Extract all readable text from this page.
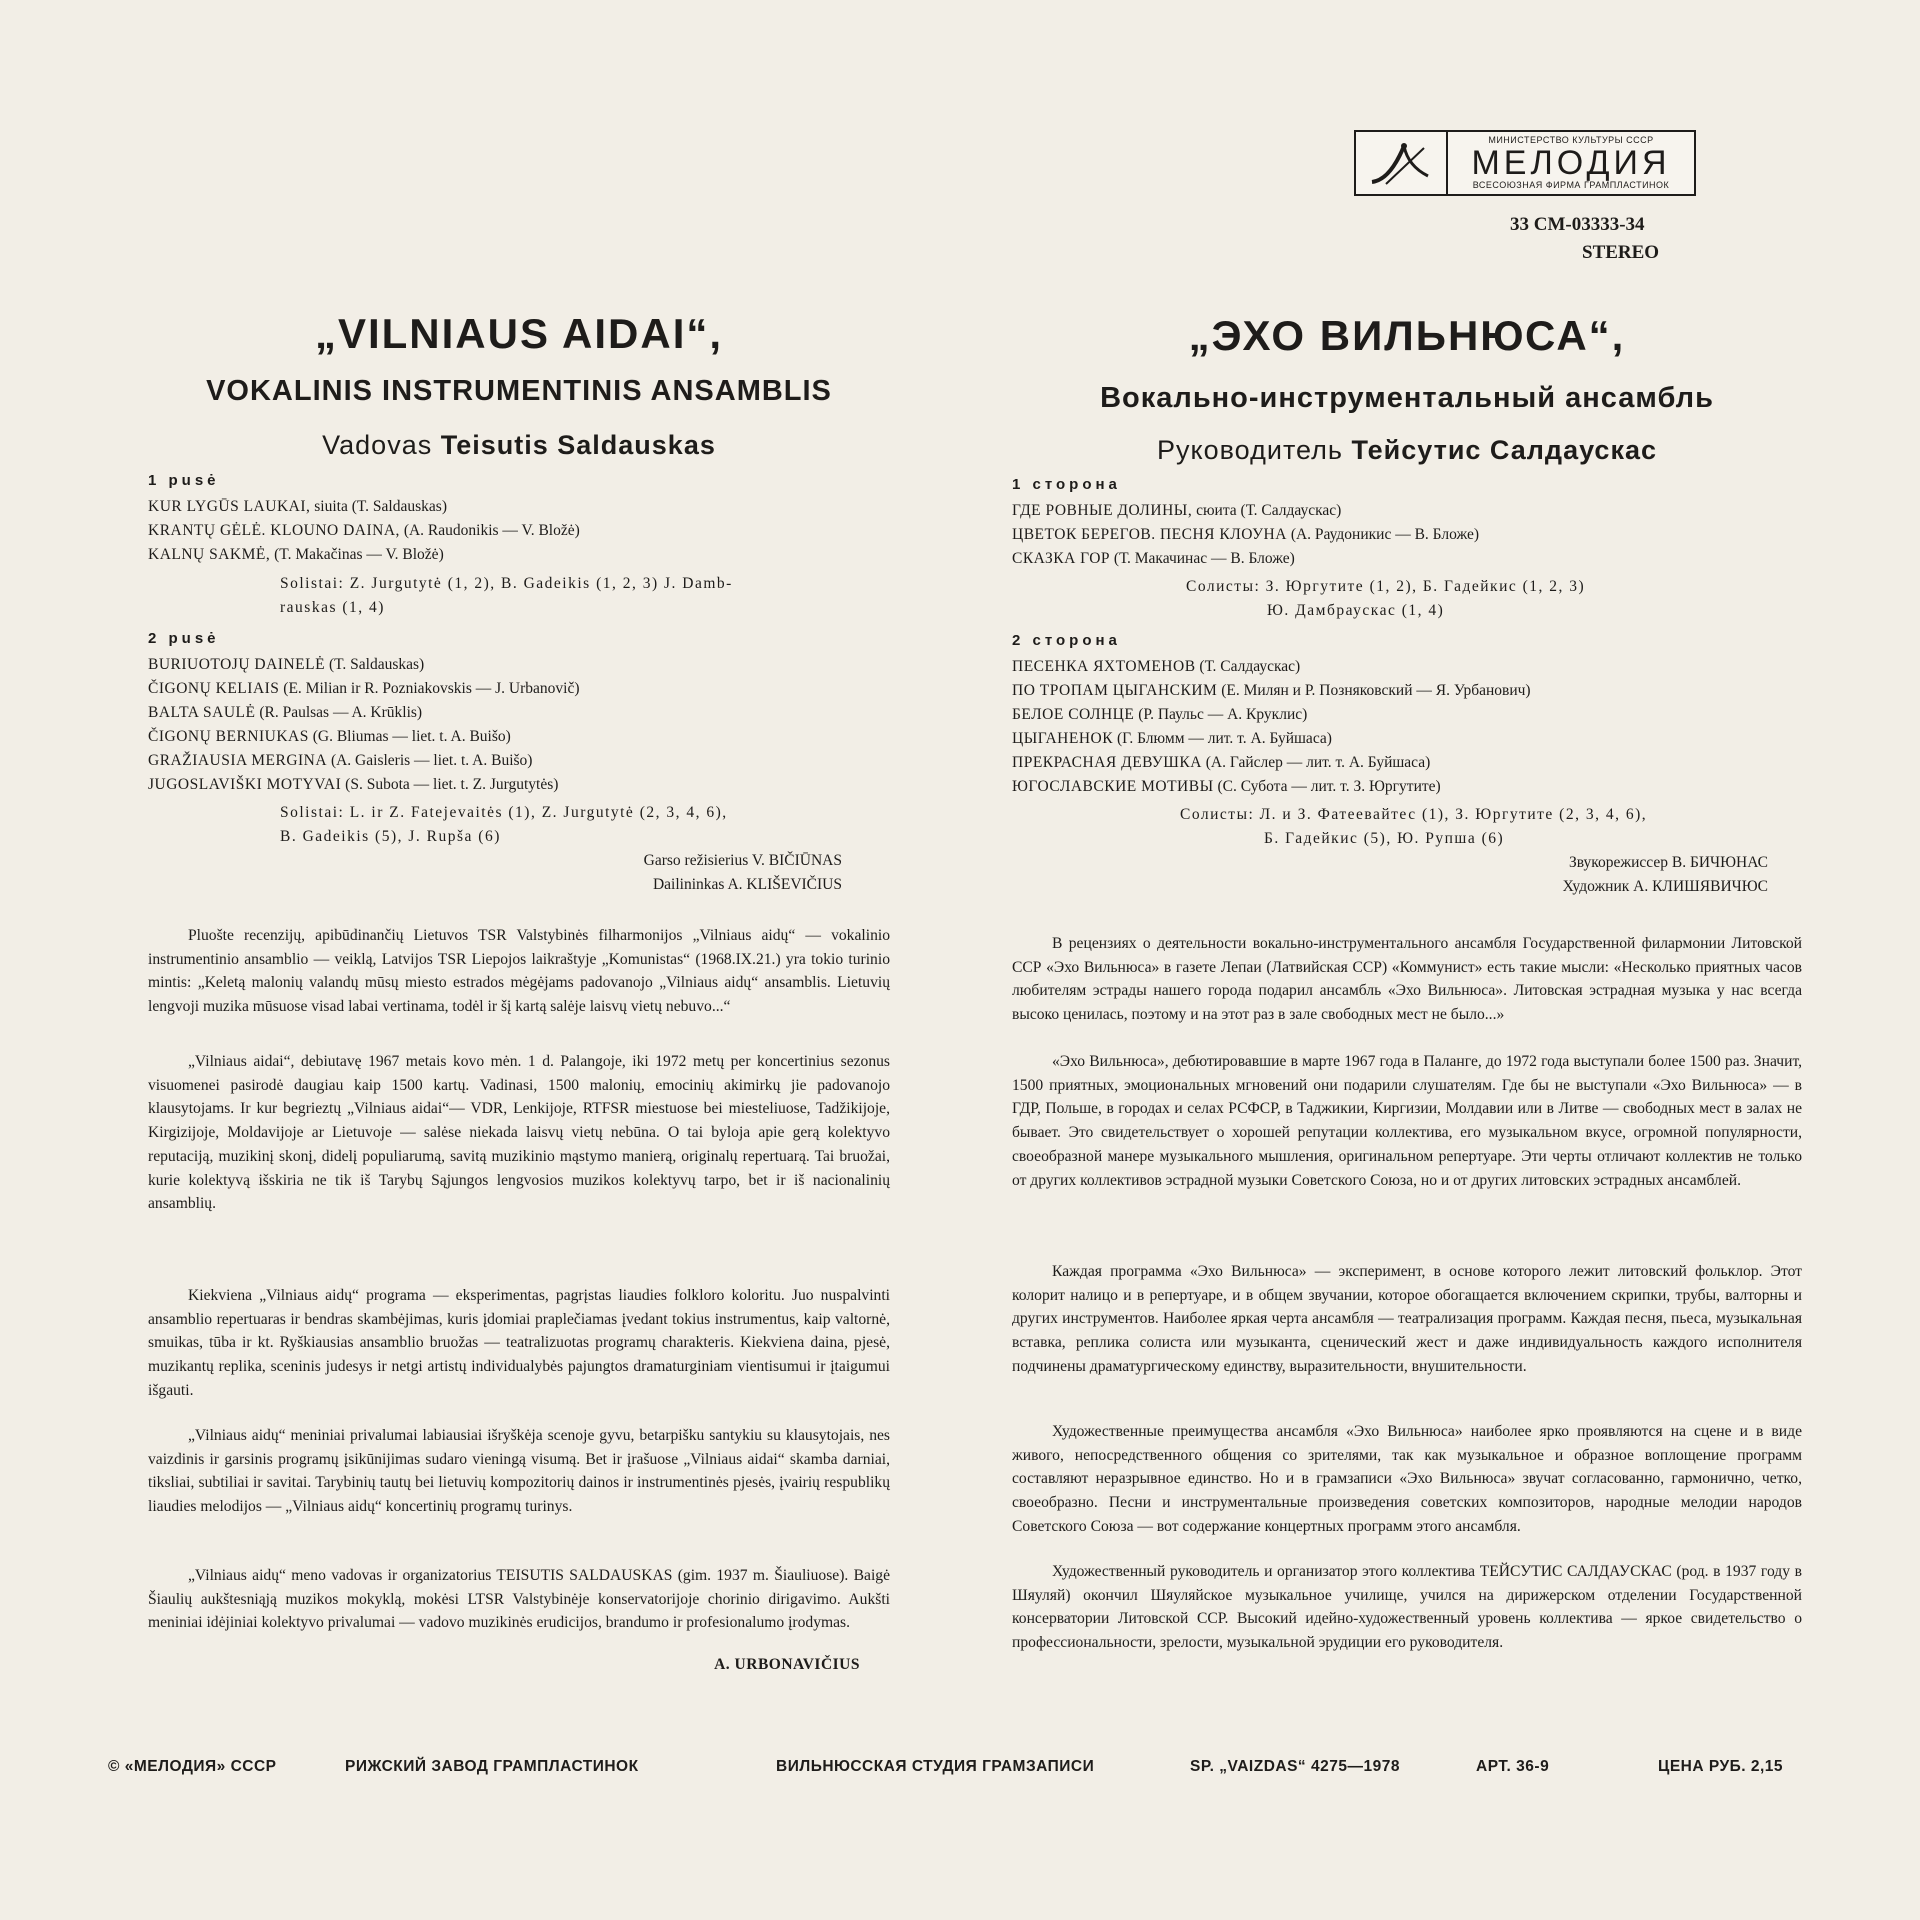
МИНИСТЕРСТВО КУЛЬТУРЫ СССР
МЕЛОДИЯ
ВСЕСОЮЗНАЯ ФИРМА ГРАМПЛАСТИНОК
33 СМ-03333-34
STEREO
„VILNIAUS AIDAI“,
VOKALINIS INSTRUMENTINIS ANSAMBLIS
Vadovas Teisutis Saldauskas
1 pusė
KUR LYGŪS LAUKAI, siuita (T. Saldauskas)
KRANTŲ GĖLĖ. KLOUNO DAINA, (A. Raudonikis — V. Bložė)
KALNŲ SAKMĖ, (T. Makačinas — V. Bložė)
Solistai: Z. Jurgutytė (1, 2), B. Gadeikis (1, 2, 3) J. Damb-
rauskas (1, 4)
2 pusė
BURIUOTOJŲ DAINELĖ (T. Saldauskas)
ČIGONŲ KELIAIS (E. Milian ir R. Pozniakovskis — J. Urbanovič)
BALTA SAULĖ (R. Paulsas — A. Krūklis)
ČIGONŲ BERNIUKAS (G. Bliumas — liet. t. A. Buišo)
GRAŽIAUSIA MERGINA (A. Gaisleris — liet. t. A. Buišo)
JUGOSLAVIŠKI MOTYVAI (S. Subota — liet. t. Z. Jurgutytės)
Solistai: L. ir Z. Fatejevaitės (1), Z. Jurgutytė (2, 3, 4, 6),
B. Gadeikis (5), J. Rupša (6)
Garso režisierius V. BIČIŪNAS
Dailininkas A. KLIŠEVIČIUS

Pluošte recenzijų, apibūdinančių Lietuvos TSR Valstybinės filharmonijos „Vilniaus aidų“ — vokalinio instrumentinio ansamblio — veiklą, Latvijos TSR Liepojos laikraštyje „Komunistas“ (1968.IX.21.) yra tokio turinio mintis: „Keletą malonių valandų mūsų miesto estrados mėgėjams padovanojo „Vilniaus aidų“ ansamblis. Lietuvių lengvoji muzika mūsuose visad labai vertinama, todėl ir šį kartą salėje laisvų vietų nebuvo...“

„Vilniaus aidai“, debiutavę 1967 metais kovo mėn. 1 d. Palangoje, iki 1972 metų per koncertinius sezonus visuomenei pasirodė daugiau kaip 1500 kartų. Vadinasi, 1500 malonių, emocinių akimirkų jie padovanojo klausytojams. Ir kur begrieztų „Vilniaus aidai“— VDR, Lenkijoje, RTFSR miestuose bei miesteliuose, Tadžikijoje, Kirgizijoje, Moldavijoje ar Lietuvoje — salėse niekada laisvų vietų nebūna. O tai byloja apie gerą kolektyvo reputaciją, muzikinį skonį, didelį populiarumą, savitą muzikinio mąstymo manierą, originalų repertuarą. Tai bruožai, kurie kolektyvą išskiria ne tik iš Tarybų Sąjungos lengvosios muzikos kolektyvų tarpo, bet ir iš nacionalinių ansamblių.

Kiekviena „Vilniaus aidų“ programa — eksperimentas, pagrįstas liaudies folkloro koloritu. Juo nuspalvinti ansamblio repertuaras ir bendras skambėjimas, kuris įdomiai praplečiamas įvedant tokius instrumentus, kaip valtornė, smuikas, tūba ir kt. Ryškiausias ansamblio bruožas — teatralizuotas programų charakteris. Kiekviena daina, pjesė, muzikantų replika, sceninis judesys ir netgi artistų individualybės pajungtos dramaturginiam vientisumui ir įtaigumui išgauti.

„Vilniaus aidų“ meniniai privalumai labiausiai išryškėja scenoje gyvu, betarpišku santykiu su klausytojais, nes vaizdinis ir garsinis programų įsikūnijimas sudaro vieningą visumą. Bet ir įrašuose „Vilniaus aidai“ skamba darniai, tiksliai, subtiliai ir savitai. Tarybinių tautų bei lietuvių kompozitorių dainos ir instrumentinės pjesės, įvairių respublikų liaudies melodijos — „Vilniaus aidų“ koncertinių programų turinys.

„Vilniaus aidų“ meno vadovas ir organizatorius TEISUTIS SALDAUSKAS (gim. 1937 m. Šiauliuose). Baigė Šiaulių aukštesniąją muzikos mokyklą, mokėsi LTSR Valstybinėje konservatorijoje chorinio dirigavimo. Aukšti meniniai idėjiniai kolektyvo privalumai — vadovo muzikinės erudicijos, brandumo ir profesionalumo įrodymas.

A. URBONAVIČIUS
„ЭХО ВИЛЬНЮСА“,
Вокально-инструментальный ансамбль
Руководитель Тейсутис Салдаускас
1 сторона
ГДЕ РОВНЫЕ ДОЛИНЫ, сюита (Т. Салдаускас)
ЦВЕТОК БЕРЕГОВ. ПЕСНЯ КЛОУНА (А. Раудоникис — В. Бложе)
СКАЗКА ГОР (Т. Макачинас — В. Бложе)
Солисты: З. Юргутите (1, 2), Б. Гадейкис (1, 2, 3)
Ю. Дамбраускас (1, 4)
2 сторона
ПЕСЕНКА ЯХТОМЕНОВ (Т. Салдаускас)
ПО ТРОПАМ ЦЫГАНСКИМ (Е. Милян и Р. Позняковский — Я. Урбанович)
БЕЛОЕ СОЛНЦЕ (Р. Паульс — А. Круклис)
ЦЫГАНЕНОК (Г. Блюмм — лит. т. А. Буйшаса)
ПРЕКРАСНАЯ ДЕВУШКА (А. Гайслер — лит. т. А. Буйшаса)
ЮГОСЛАВСКИЕ МОТИВЫ (С. Субота — лит. т. З. Юргутите)
Солисты: Л. и З. Фатеевайтес (1), З. Юргутите (2, 3, 4, 6),
Б. Гадейкис (5), Ю. Рупша (6)
Звукорежиссер В. БИЧЮНАС
Художник А. КЛИШЯВИЧЮС

В рецензиях о деятельности вокально-инструментального ансамбля Государственной филармонии Литовской ССР «Эхо Вильнюса» в газете Лепаи (Латвийская ССР) «Коммунист» есть такие мысли: «Несколько приятных часов любителям эстрады нашего города подарил ансамбль «Эхо Вильнюса». Литовская эстрадная музыка у нас всегда высоко ценилась, поэтому и на этот раз в зале свободных мест не было...»

«Эхо Вильнюса», дебютировавшие в марте 1967 года в Паланге, до 1972 года выступали более 1500 раз. Значит, 1500 приятных, эмоциональных мгновений они подарили слушателям. Где бы не выступали «Эхо Вильнюса» — в ГДР, Польше, в городах и селах РСФСР, в Таджикии, Киргизии, Молдавии или в Литве — свободных мест в залах не бывает. Это свидетельствует о хорошей репутации коллектива, его музыкальном вкусе, огромной популярности, своеобразной манере музыкального мышления, оригинальном репертуаре. Эти черты отличают коллектив не только от других коллективов эстрадной музыки Советского Союза, но и от других литовских эстрадных ансамблей.

Каждая программа «Эхо Вильнюса» — эксперимент, в основе которого лежит литовский фольклор. Этот колорит налицо и в репертуаре, и в общем звучании, которое обогащается включением скрипки, трубы, валторны и других инструментов. Наиболее яркая черта ансамбля — театрализация программ. Каждая песня, пьеса, музыкальная вставка, реплика солиста или музыканта, сценический жест и даже индивидуальность каждого исполнителя подчинены драматургическому единству, выразительности, внушительности.

Художественные преимущества ансамбля «Эхо Вильнюса» наиболее ярко проявляются на сцене и в виде живого, непосредственного общения со зрителями, так как музыкальное и образное воплощение программ составляют неразрывное единство. Но и в грамзаписи «Эхо Вильнюса» звучат согласованно, гармонично, четко, своеобразно. Песни и инструментальные произведения советских композиторов, народные мелодии народов Советского Союза — вот содержание концертных программ этого ансамбля.

Художественный руководитель и организатор этого коллектива ТЕЙСУТИС САЛДАУСКАС (род. в 1937 году в Шяуляй) окончил Шяуляйское музыкальное училище, учился на дирижерском отделении Государственной консерватории Литовской ССР. Высокий идейно-художественный уровень коллектива — яркое свидетельство о профессиональности, зрелости, музыкальной эрудиции его руководителя.

© «МЕЛОДИЯ» СССР	РИЖСКИЙ ЗАВОД ГРАМПЛАСТИНОК	ВИЛЬНЮССКАЯ СТУДИЯ ГРАМЗАПИСИ	SP. „VAIZDAS“ 4275—1978	АРТ. 36-9	ЦЕНА РУБ. 2,15
